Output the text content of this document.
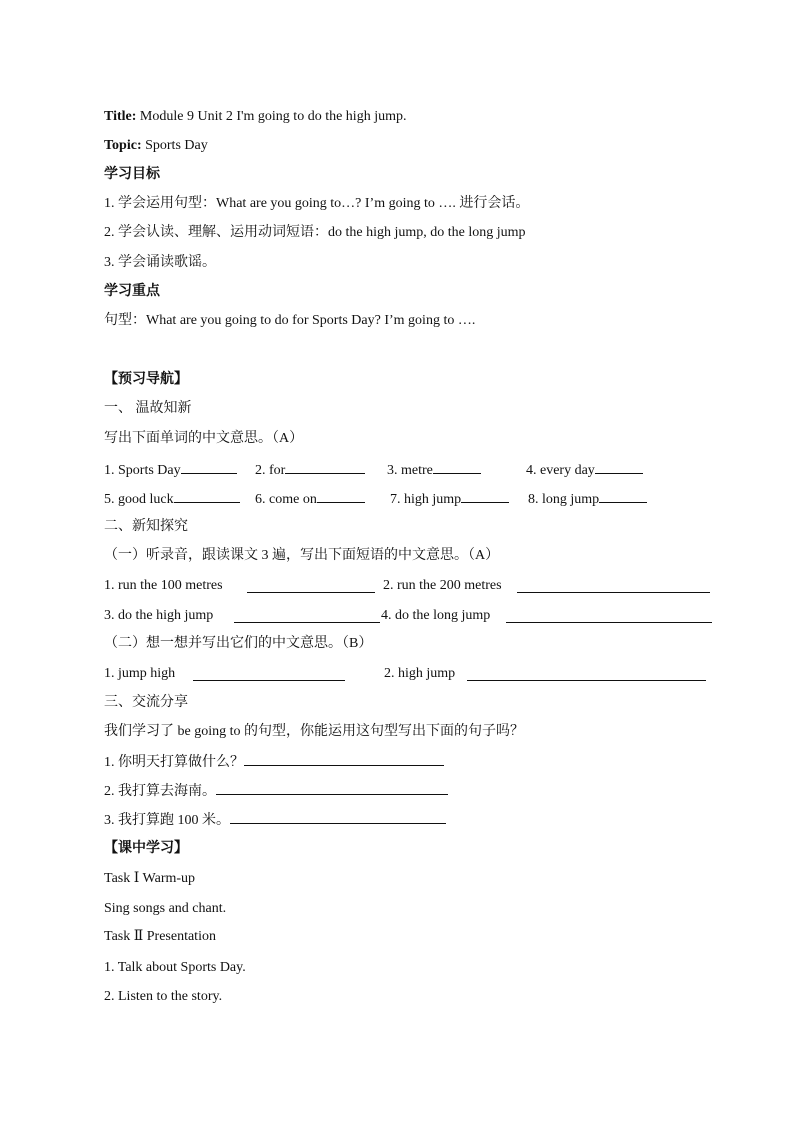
Title: Module 9 Unit 2 I'm going to do the high jump.
Topic: Sports Day
学习目标
1. 学会运用句型：What are you going to…? I’m going to …. 进行会话。
2. 学会认读、理解、运用动词短语：do the high jump, do the long jump
3. 学会诵读歌谣。
学习重点
句型：What are you going to do for Sports Day? I’m going to ….
【预习导航】
一、 温故知新
写出下面单词的中文意思。（A）
1. Sports Day	2. for	3. metre	4. every day
5. good luck	6. come on	7. high jump	8. long jump
二、新知探究
（一）听录音，跟读课文 3 遍，写出下面短语的中文意思。（A）
1. run the 100 metres	2. run the 200 metres
3. do the high jump	4. do the long jump
（二）想一想并写出它们的中文意思。（B）
1. jump high	2. high jump
三、交流分享
我们学习了 be going to 的句型，你能运用这句型写出下面的句子吗？
1. 你明天打算做什么？
2. 我打算去海南。
3. 我打算跑 100 米。
【课中学习】
Task Ⅰ Warm-up
Sing songs and chant.
Task Ⅱ Presentation
1. Talk about Sports Day.
2. Listen to the story.
